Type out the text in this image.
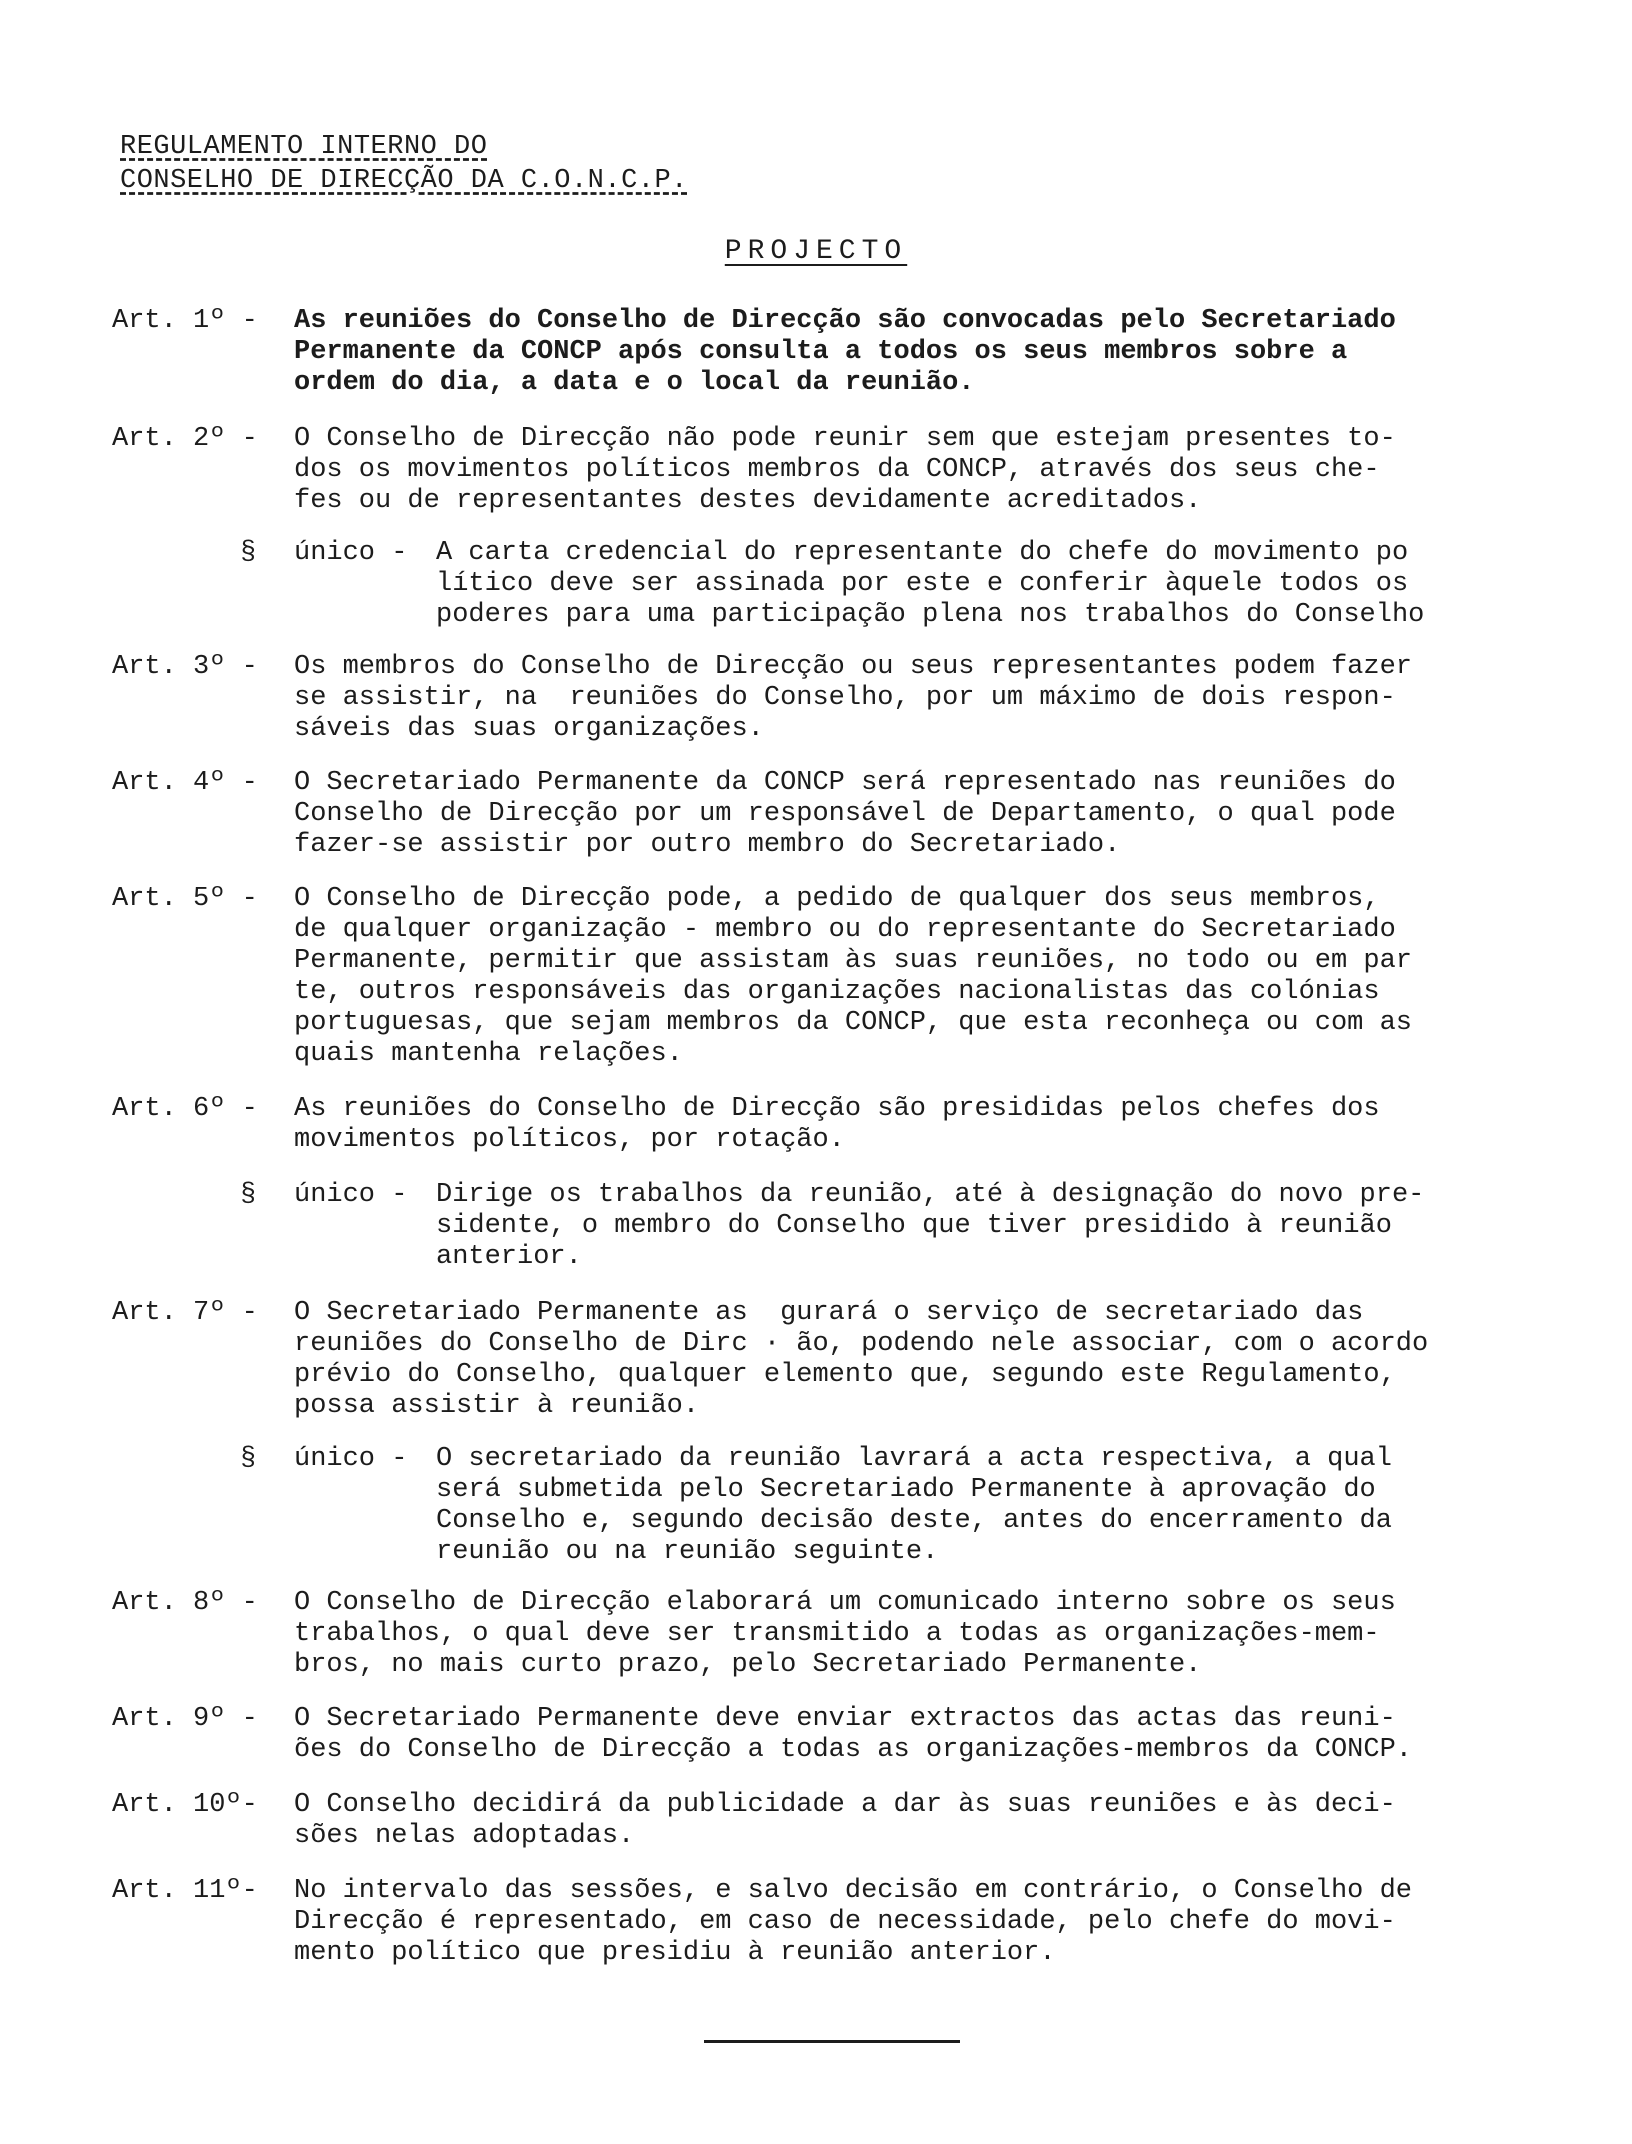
REGULAMENTO INTERNO DO
CONSELHO DE DIRECÇÃO DA C.O.N.C.P.
PROJECTO
Art. 1º - As reuniões do Conselho de Direcção são convocadas pelo Secretariado
Permanente da CONCP após consulta a todos os seus membros sobre a
ordem do dia, a data e o local da reunião.
Art. 2º - O Conselho de Direcção não pode reunir sem que estejam presentes to-
dos os movimentos políticos membros da CONCP, através dos seus che-
fes ou de representantes destes devidamente acreditados.
§ único - A carta credencial do representante do chefe do movimento po
lítico deve ser assinada por este e conferir àquele todos os
poderes para uma participação plena nos trabalhos do Conselho
Art. 3º - Os membros do Conselho de Direcção ou seus representantes podem fazer
se assistir, na  reuniões do Conselho, por um máximo de dois respon-
sáveis das suas organizações.
Art. 4º - O Secretariado Permanente da CONCP será representado nas reuniões do
Conselho de Direcção por um responsável de Departamento, o qual pode
fazer-se assistir por outro membro do Secretariado.
Art. 5º - O Conselho de Direcção pode, a pedido de qualquer dos seus membros,
de qualquer organização - membro ou do representante do Secretariado
Permanente, permitir que assistam às suas reuniões, no todo ou em par
te, outros responsáveis das organizações nacionalistas das colónias
portuguesas, que sejam membros da CONCP, que esta reconheça ou com as
quais mantenha relações.
Art. 6º - As reuniões do Conselho de Direcção são presididas pelos chefes dos
movimentos políticos, por rotação.
§ único - Dirige os trabalhos da reunião, até à designação do novo pre-
sidente, o membro do Conselho que tiver presidido à reunião
anterior.
Art. 7º - O Secretariado Permanente as  gurará o serviço de secretariado das
reuniões do Conselho de Dirc · ão, podendo nele associar, com o acordo
prévio do Conselho, qualquer elemento que, segundo este Regulamento,
possa assistir à reunião.
§ único - O secretariado da reunião lavrará a acta respectiva, a qual
será submetida pelo Secretariado Permanente à aprovação do
Conselho e, segundo decisão deste, antes do encerramento da
reunião ou na reunião seguinte.
Art. 8º - O Conselho de Direcção elaborará um comunicado interno sobre os seus
trabalhos, o qual deve ser transmitido a todas as organizações-mem-
bros, no mais curto prazo, pelo Secretariado Permanente.
Art. 9º - O Secretariado Permanente deve enviar extractos das actas das reuni-
ões do Conselho de Direcção a todas as organizações-membros da CONCP.
Art. 10º- O Conselho decidirá da publicidade a dar às suas reuniões e às deci-
sões nelas adoptadas.
Art. 11º- No intervalo das sessões, e salvo decisão em contrário, o Conselho de
Direcção é representado, em caso de necessidade, pelo chefe do movi-
mento político que presidiu à reunião anterior.
